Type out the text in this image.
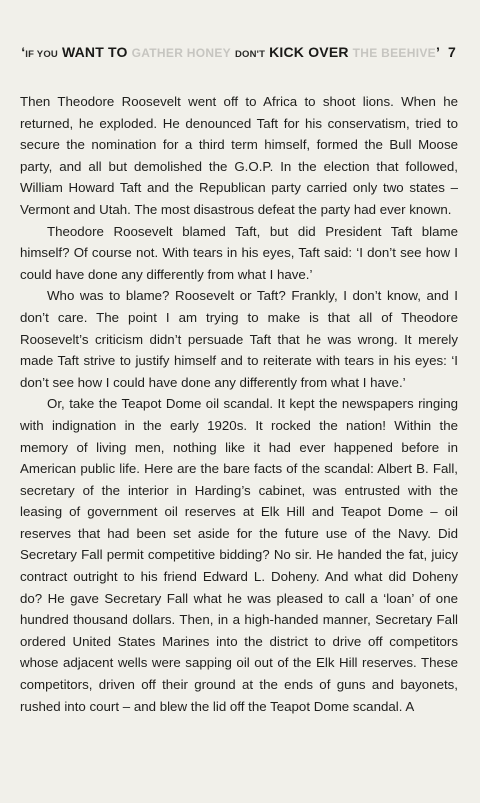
‘IF YOU WANT TO GATHER HONEY DON'T KICK OVER THE BEEHIVE’ 7

Then Theodore Roosevelt went off to Africa to shoot lions. When he returned, he exploded. He denounced Taft for his conservatism, tried to secure the nomination for a third term himself, formed the Bull Moose party, and all but demolished the G.O.P. In the election that followed, William Howard Taft and the Republican party carried only two states – Vermont and Utah. The most disastrous defeat the party had ever known.

Theodore Roosevelt blamed Taft, but did President Taft blame himself? Of course not. With tears in his eyes, Taft said: ‘I don’t see how I could have done any differently from what I have.’

Who was to blame? Roosevelt or Taft? Frankly, I don’t know, and I don’t care. The point I am trying to make is that all of Theodore Roosevelt’s criticism didn’t persuade Taft that he was wrong. It merely made Taft strive to justify himself and to reiterate with tears in his eyes: ‘I don’t see how I could have done any differently from what I have.’

Or, take the Teapot Dome oil scandal. It kept the newspapers ringing with indignation in the early 1920s. It rocked the nation! Within the memory of living men, nothing like it had ever happened before in American public life. Here are the bare facts of the scandal: Albert B. Fall, secretary of the interior in Harding’s cabinet, was entrusted with the leasing of government oil reserves at Elk Hill and Teapot Dome – oil reserves that had been set aside for the future use of the Navy. Did Secretary Fall permit competitive bidding? No sir. He handed the fat, juicy contract outright to his friend Edward L. Doheny. And what did Doheny do? He gave Secretary Fall what he was pleased to call a ‘loan’ of one hundred thousand dollars. Then, in a high-handed manner, Secretary Fall ordered United States Marines into the district to drive off competitors whose adjacent wells were sapping oil out of the Elk Hill reserves. These competitors, driven off their ground at the ends of guns and bayonets, rushed into court – and blew the lid off the Teapot Dome scandal. A
